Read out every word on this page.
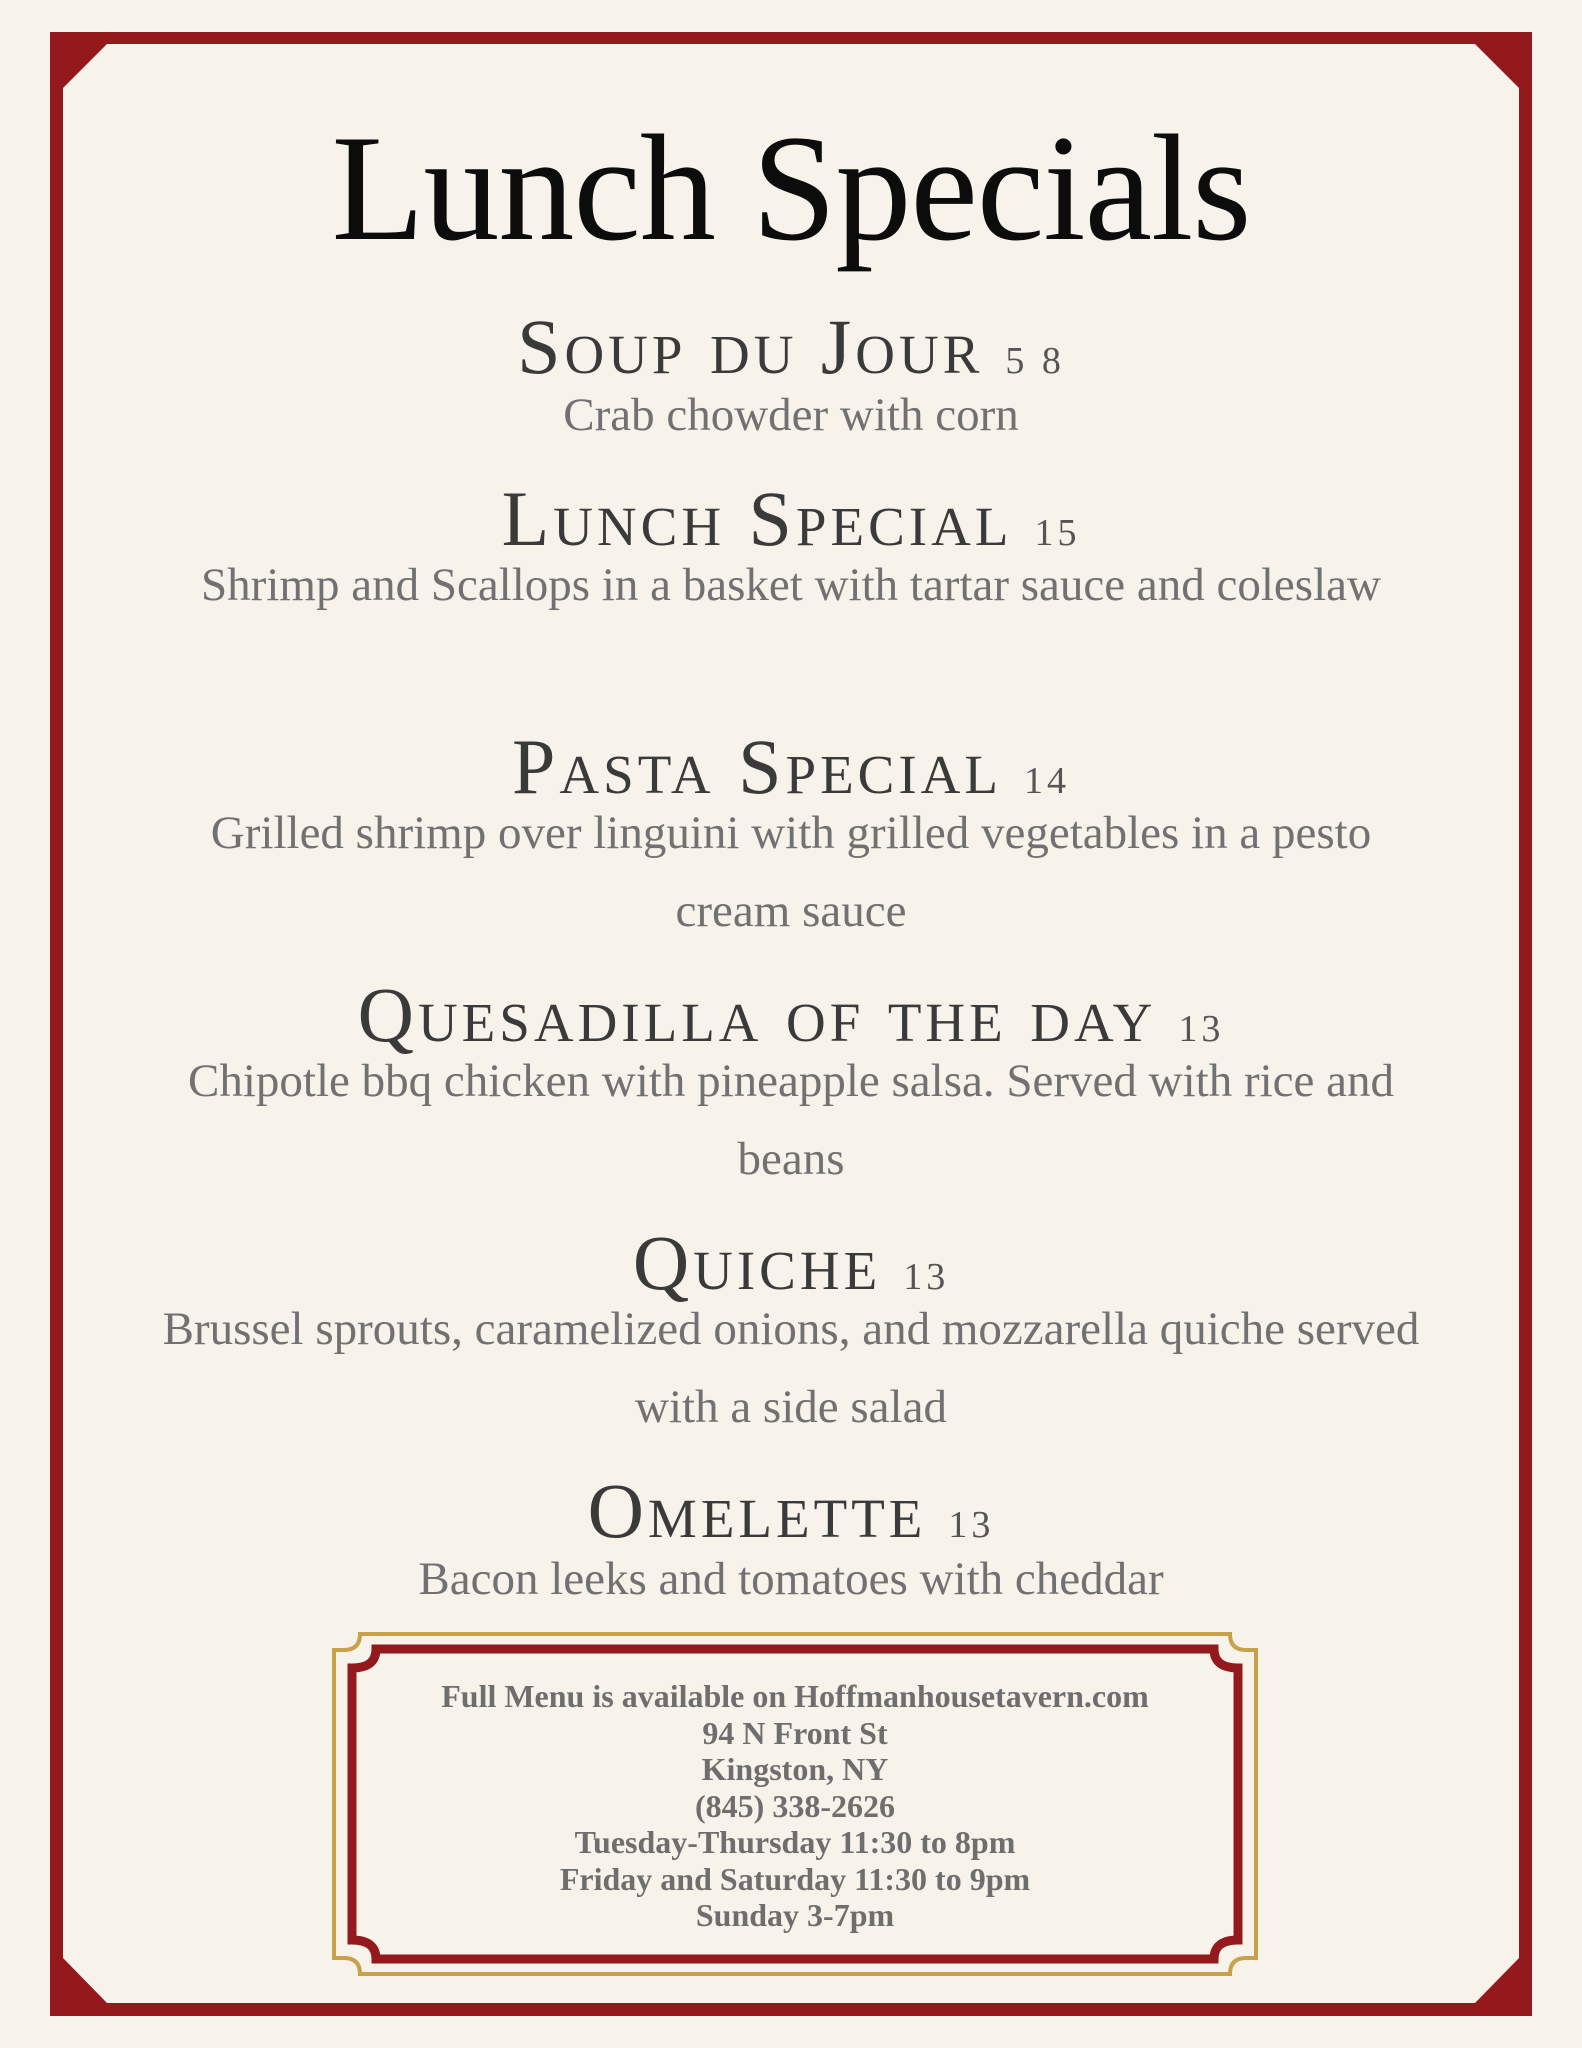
Lunch Specials
Soup du Jour 5 8

Crab chowder with corn

Lunch Special 15

Shrimp and Scallops in a basket with tartar sauce and coleslaw

Pasta Special 14

Grilled shrimp over linguini with grilled vegetables in a pesto cream sauce

Quesadilla of the day 13

Chipotle bbq chicken with pineapple salsa. Served with rice and beans

Quiche 13

Brussel sprouts, caramelized onions, and mozzarella quiche served with a side salad

Omelette 13

Bacon leeks and tomatoes with cheddar

Full Menu is available on Hoffmanhousetavern.com
94 N Front St
Kingston, NY
(845) 338-2626
Tuesday-Thursday 11:30 to 8pm
Friday and Saturday 11:30 to 9pm
Sunday 3-7pm
